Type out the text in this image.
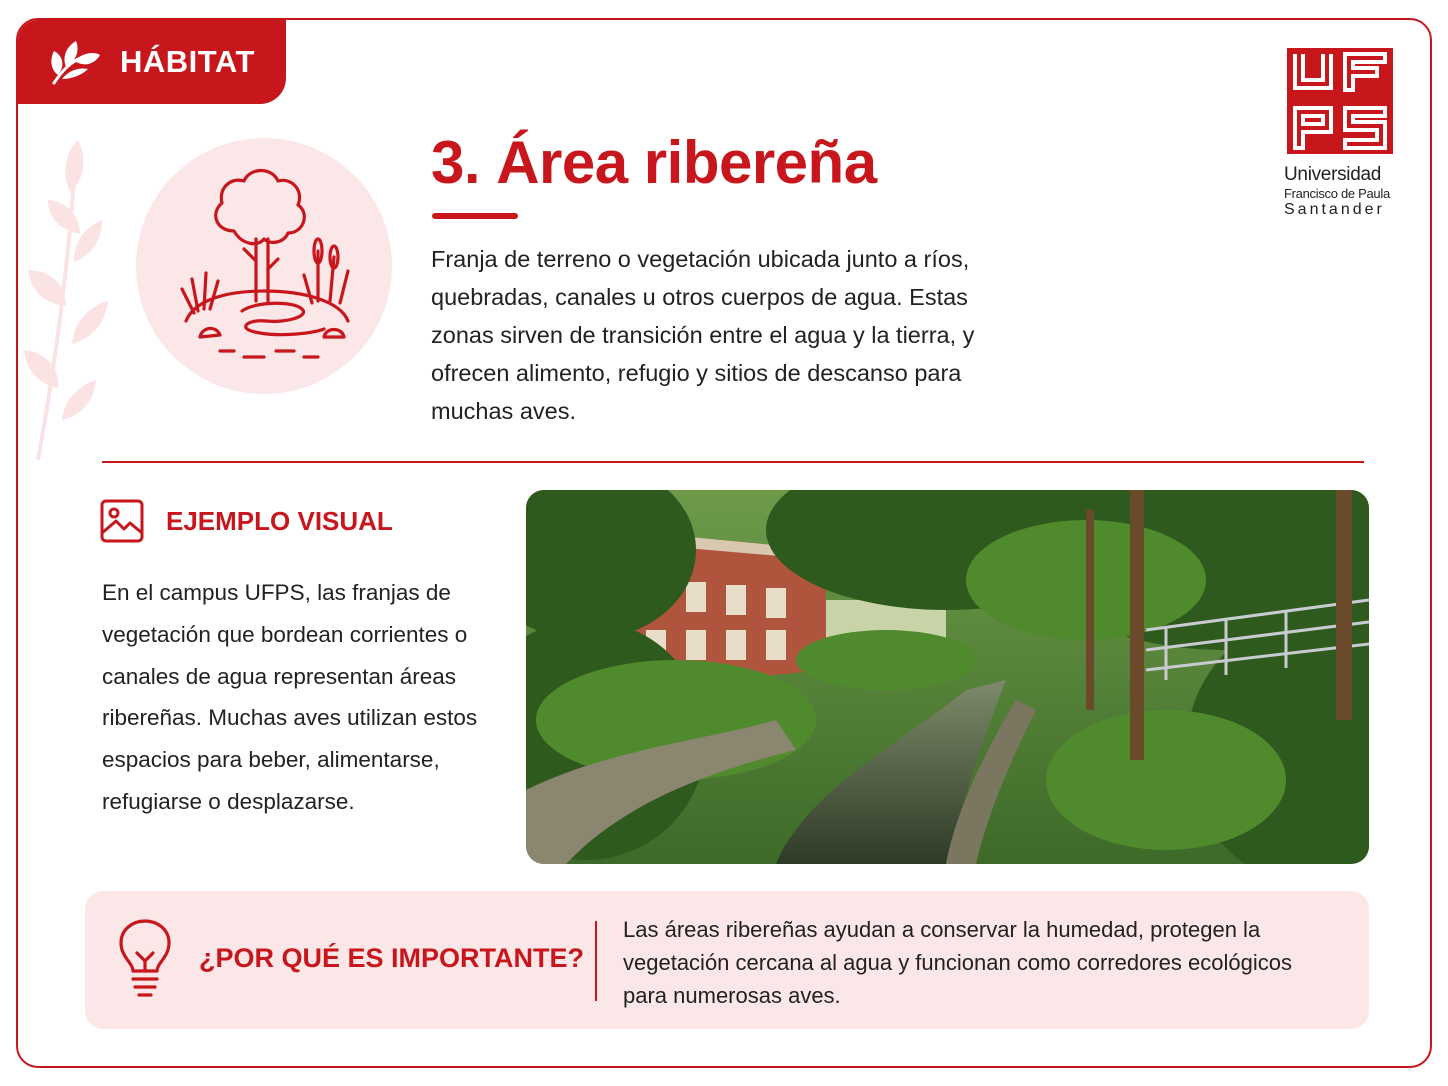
HÁBITAT
3. Área ribereña

Franja de terreno o vegetación ubicada junto a ríos, quebradas, canales u otros cuerpos de agua. Estas zonas sirven de transición entre el agua y la tierra, y ofrecen alimento, refugio y sitios de descanso para muchas aves.

Universidad
Francisco de Paula
Santander
EJEMPLO VISUAL

En el campus UFPS, las franjas de vegetación que bordean corrientes o canales de agua representan áreas ribereñas. Muchas aves utilizan estos espacios para beber, alimentarse, refugiarse o desplazarse.

¿POR QUÉ ES IMPORTANTE?

Las áreas ribereñas ayudan a conservar la humedad, protegen la vegetación cercana al agua y funcionan como corredores ecológicos para numerosas aves.
